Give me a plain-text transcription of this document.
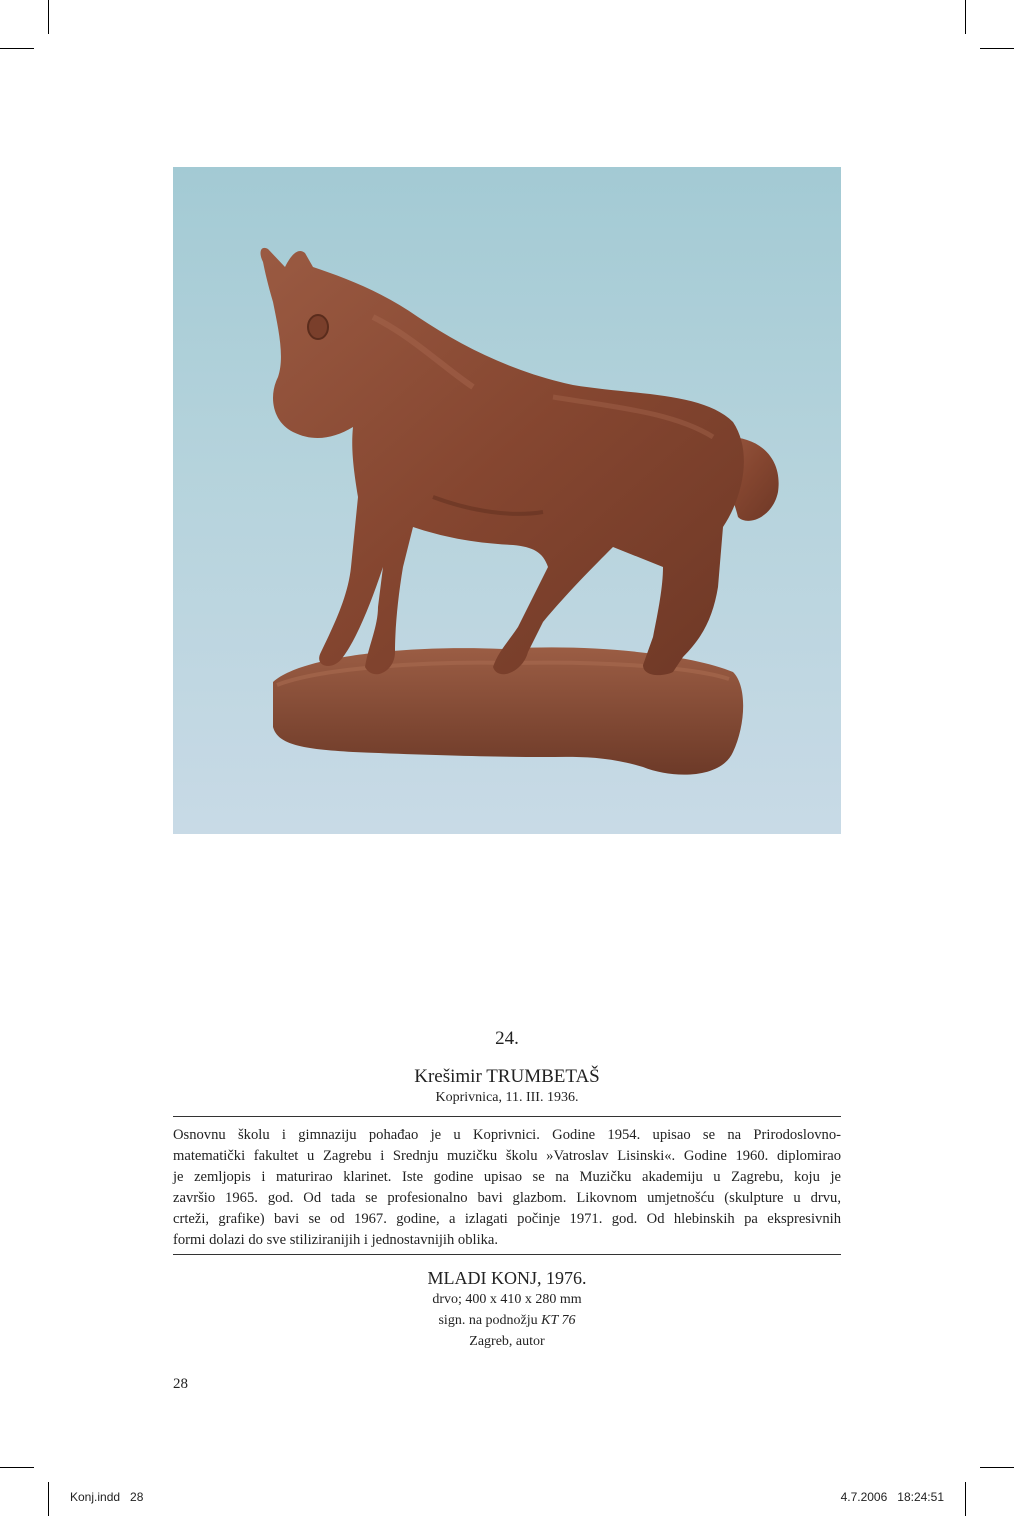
24.
Krešimir TRUMBETAŠ
Koprivnica, 11. III. 1936.
Osnovnu školu i gimnaziju pohađao je u Koprivnici. Godine 1954. upisao se na Prirodoslovno-
matematički fakultet u Zagrebu i Srednju muzičku školu »Vatroslav Lisinski«. Godine 1960. diplomirao
je zemljopis i maturirao klarinet. Iste godine upisao se na Muzičku akademiju u Zagrebu, koju je
završio 1965. god. Od tada se profesionalno bavi glazbom. Likovnom umjetnošću (skulpture u drvu,
crteži, grafike) bavi se od 1967. godine, a izlagati počinje 1971. god. Od hlebinskih pa ekspresivnih
formi dolazi do sve stiliziranijih i jednostavnijih oblika.
MLADI KONJ, 1976.
drvo; 400 x 410 x 280 mm
sign. na podnožju KT 76
Zagreb, autor
28
Konj.indd   28	4.7.2006   18:24:51
